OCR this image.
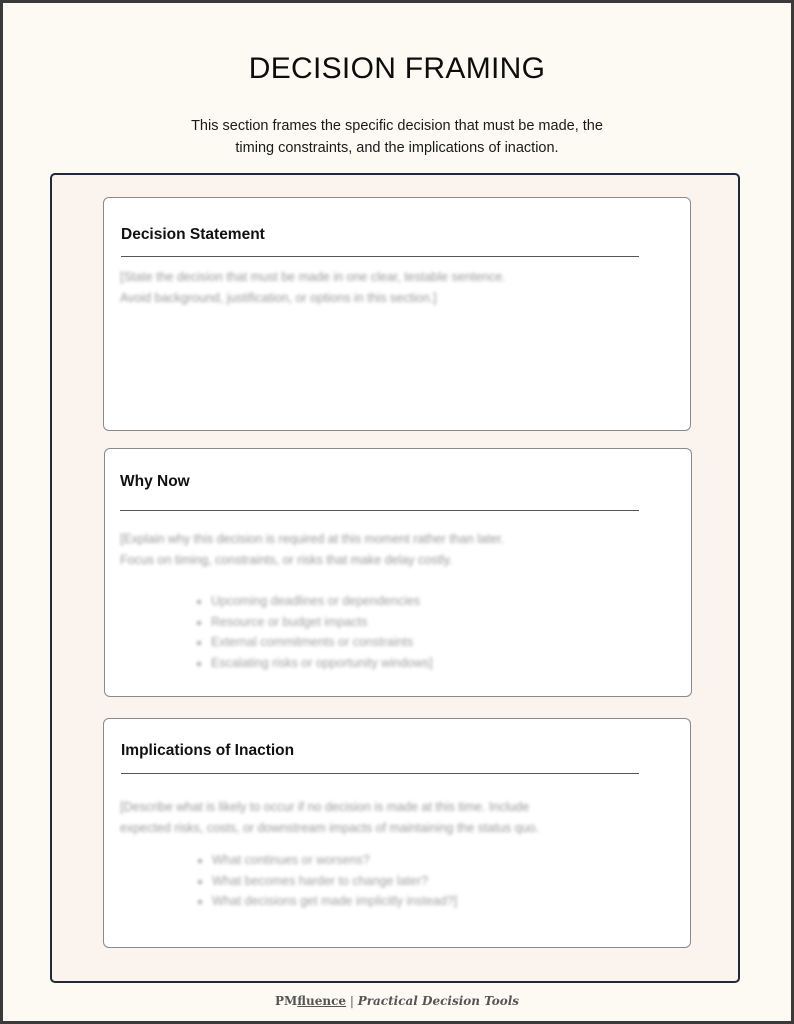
DECISION FRAMING
This section frames the specific decision that must be made, the
timing constraints, and the implications of inaction.
Decision Statement

[State the decision that must be made in one clear, testable sentence.

Avoid background, justification, or options in this section.]

Why Now

[Explain why this decision is required at this moment rather than later.

Focus on timing, constraints, or risks that make delay costly.

• Upcoming deadlines or dependencies
• Resource or budget impacts
• External commitments or constraints
• Escalating risks or opportunity windows]
Implications of Inaction

[Describe what is likely to occur if no decision is made at this time. Include

expected risks, costs, or downstream impacts of maintaining the status quo.

• What continues or worsens?
• What becomes harder to change later?
• What decisions get made implicitly instead?]
PMfluence | Practical Decision Tools
